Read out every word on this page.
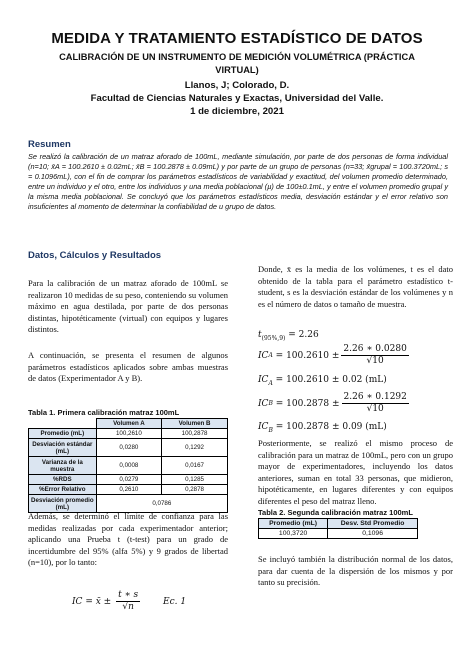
MEDIDA Y TRATAMIENTO ESTADÍSTICO DE DATOS
CALIBRACIÓN DE UN INSTRUMENTO DE MEDICIÓN VOLUMÉTRICA (PRÁCTICA VIRTUAL)
Llanos, J; Colorado, D.
Facultad de Ciencias Naturales y Exactas, Universidad del Valle.
1 de diciembre, 2021
Resumen
Se realizó la calibración de un matraz aforado de 100mL, mediante simulación, por parte de dos personas de forma individual (n=10; x̄A = 100.2610 ± 0.02mL; x̄B = 100.2878 ± 0.09mL) y por parte de un grupo de personas (n=33; x̄grupal = 100.3720mL; s = 0.1096mL), con el fin de comprar los parámetros estadísticos de variabilidad y exactitud, del volumen promedio determinado, entre un individuo y el otro, entre los individuos y una media poblacional (µ) de 100±0.1mL, y entre el volumen promedio grupal y la misma media poblacional. Se concluyó que los parámetros estadísticos media, desviación estándar y el error relativo son insuficientes al momento de determinar la confiabilidad de u grupo de datos.
Datos, Cálculos y Resultados
Para la calibración de un matraz aforado de 100mL se realizaron 10 medidas de su peso, conteniendo su volumen máximo en agua destilada, por parte de dos personas distintas, hipotéticamente (virtual) con equipos y lugares distintos.
A continuación, se presenta el resumen de algunos parámetros estadísticos aplicados sobre ambas muestras de datos (Experimentador A y B).
Tabla 1. Primera calibración matraz 100mL
	Volumen A	Volumen B
Promedio (mL)	100,2610	100,2878
Desviación estándar (mL)	0,0280	0,1292
Varianza de la muestra	0,0008	0,0167
%RDS	0,0279	0,1285
%Error Relativo	0,2610	0,2878
Desviación promedio (mL)	0,0786	
Además, se determinó el límite de confianza para las medidas realizadas por cada experimentador anterior; aplicando una Prueba t (t-test) para un grado de incertidumbre del 95% (alfa 5%) y 9 grados de libertad (n=10), por lo tanto:
IC = x̄ ± $\frac{t ∗ s}{√n}$	Ec. 1
Donde, x̄ es la media de los volúmenes, t es el dato obtenido de la tabla para el parámetro estadístico t-student, s es la desviación estándar de los volúmenes y n es el número de datos o tamaño de muestra.
$t_{(95\%,9)} = 2.26$
IC A
= $100.2610 \pm \frac{2.26 ∗ 0.0280}{√10}$
$IC_A = 100.2610 \pm 0.02$ (mL)
IC B
= $100.2878 \pm \frac{2.26 ∗ 0.1292}{√10}$
$IC_B = 100.2878 \pm 0.09$ (mL)
Posteriormente, se realizó el mismo proceso de calibración para un matraz de 100mL, pero con un grupo mayor de experimentadores, incluyendo los datos anteriores, suman en total 33 personas, que midieron, hipotéticamente, en lugares diferentes y con equipos diferentes el peso del matraz lleno.
Tabla 2. Segunda calibración matraz 100mL
Promedio (mL)	Desv. Std Promedio
100,3720	0,1096
Se incluyó también la distribución normal de los datos, para dar cuenta de la dispersión de los mismos y por tanto su precisión.
